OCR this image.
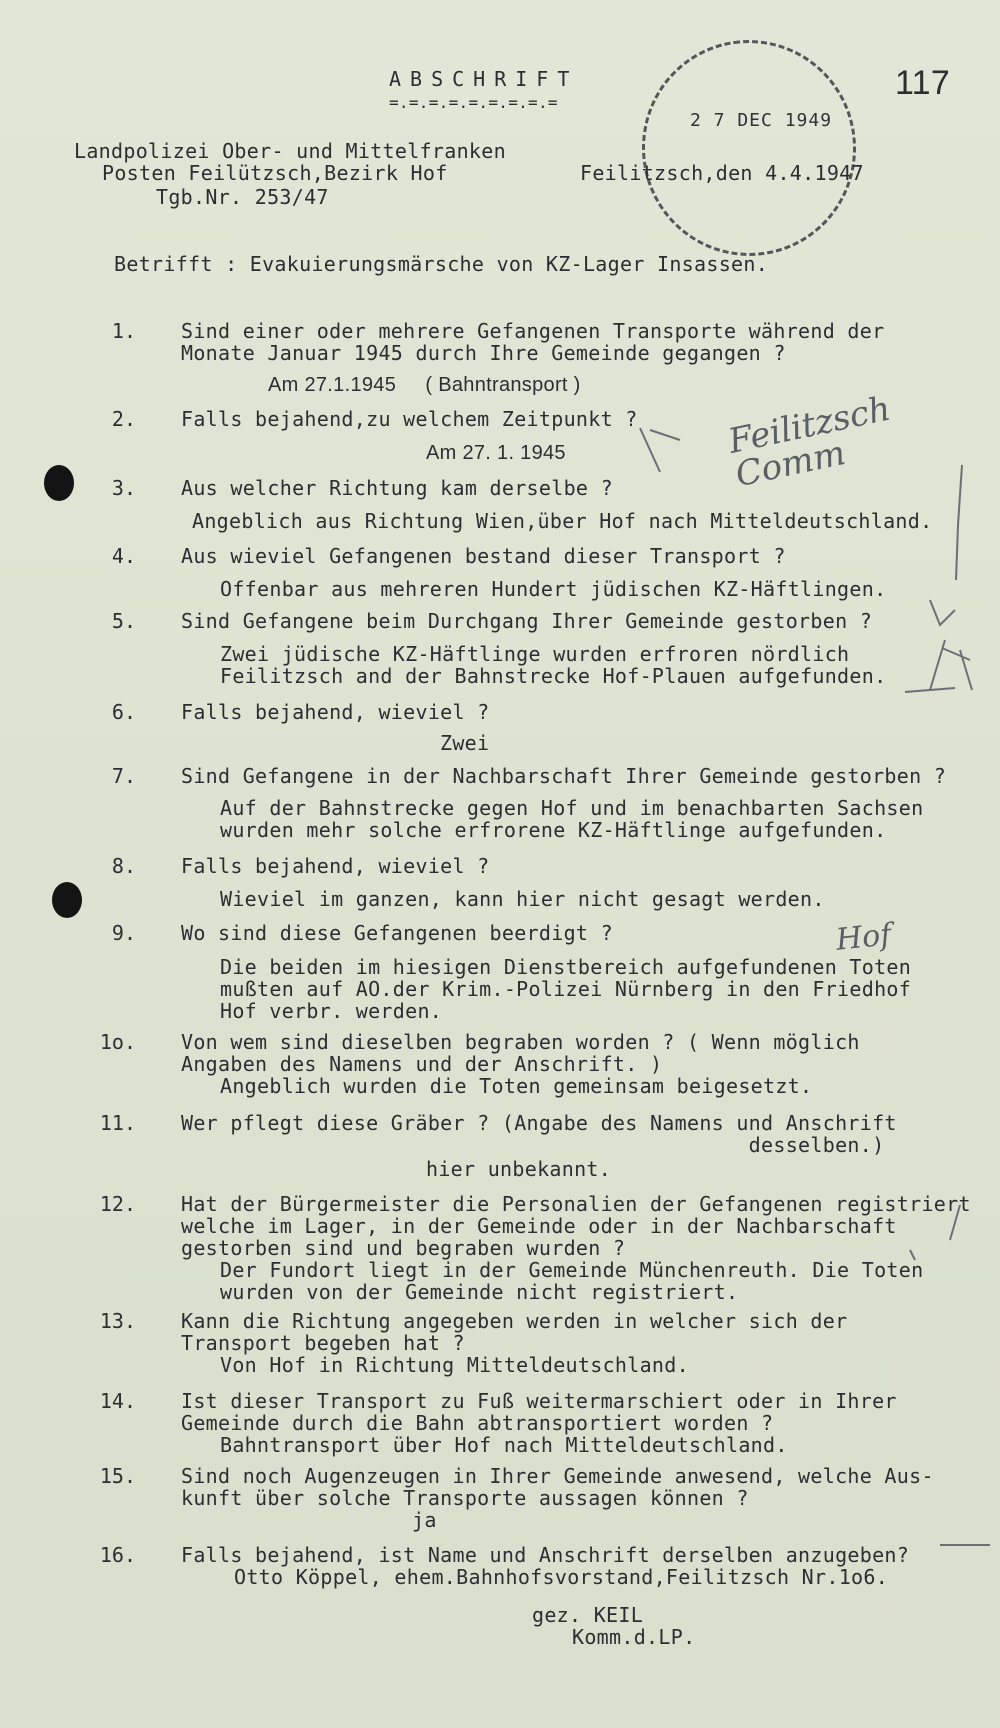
ABSCHRIFT
=.=.=.=.=.=.=.=.=
117
2 7 DEC 1949
Landpolizei Ober- und Mittelfranken
Posten Feilützsch,Bezirk Hof
Tgb.Nr. 253/47
Feilitzsch,den 4.4.1947
Betrifft : Evakuierungsmärsche von KZ-Lager Insassen.
1. Sind einer oder mehrere Gefangenen Transporte während der
Monate Januar 1945 durch Ihre Gemeinde gegangen ?
Am 27.1.1945     ( Bahntransport )
2. Falls bejahend,zu welchem Zeitpunkt ?
Am 27. 1. 1945
3. Aus welcher Richtung kam derselbe ?
Angeblich aus Richtung Wien,über Hof nach Mitteldeutschland.
4. Aus wieviel Gefangenen bestand dieser Transport ?
Offenbar aus mehreren Hundert jüdischen KZ-Häftlingen.
5. Sind Gefangene beim Durchgang Ihrer Gemeinde gestorben ?
Zwei jüdische KZ-Häftlinge wurden erfroren nördlich
Feilitzsch and der Bahnstrecke Hof-Plauen aufgefunden.
6. Falls bejahend, wieviel ?
Zwei
7. Sind Gefangene in der Nachbarschaft Ihrer Gemeinde gestorben ?
Auf der Bahnstrecke gegen Hof und im benachbarten Sachsen
wurden mehr solche erfrorene KZ-Häftlinge aufgefunden.
8. Falls bejahend, wieviel ?
Wieviel im ganzen, kann hier nicht gesagt werden.
9. Wo sind diese Gefangenen beerdigt ?
Die beiden im hiesigen Dienstbereich aufgefundenen Toten
mußten auf AO.der Krim.-Polizei Nürnberg in den Friedhof
Hof verbr. werden.
1o. Von wem sind dieselben begraben worden ? ( Wenn möglich
Angaben des Namens und der Anschrift. )
Angeblich wurden die Toten gemeinsam beigesetzt.
11. Wer pflegt diese Gräber ? (Angabe des Namens und Anschrift
desselben.)
hier unbekannt.
12. Hat der Bürgermeister die Personalien der Gefangenen registriert
welche im Lager, in der Gemeinde oder in der Nachbarschaft
gestorben sind und begraben wurden ?
Der Fundort liegt in der Gemeinde Münchenreuth. Die Toten
wurden von der Gemeinde nicht registriert.
13. Kann die Richtung angegeben werden in welcher sich der
Transport begeben hat ?
Von Hof in Richtung Mitteldeutschland.
14. Ist dieser Transport zu Fuß weitermarschiert oder in Ihrer
Gemeinde durch die Bahn abtransportiert worden ?
Bahntransport über Hof nach Mitteldeutschland.
15. Sind noch Augenzeugen in Ihrer Gemeinde anwesend, welche Aus-
kunft über solche Transporte aussagen können ?
ja
16. Falls bejahend, ist Name und Anschrift derselben anzugeben?
Otto Köppel, ehem.Bahnhofsvorstand,Feilitzsch Nr.1o6.
gez. KEIL
Komm.d.LP.
Feilitzsch Comm
Hof
